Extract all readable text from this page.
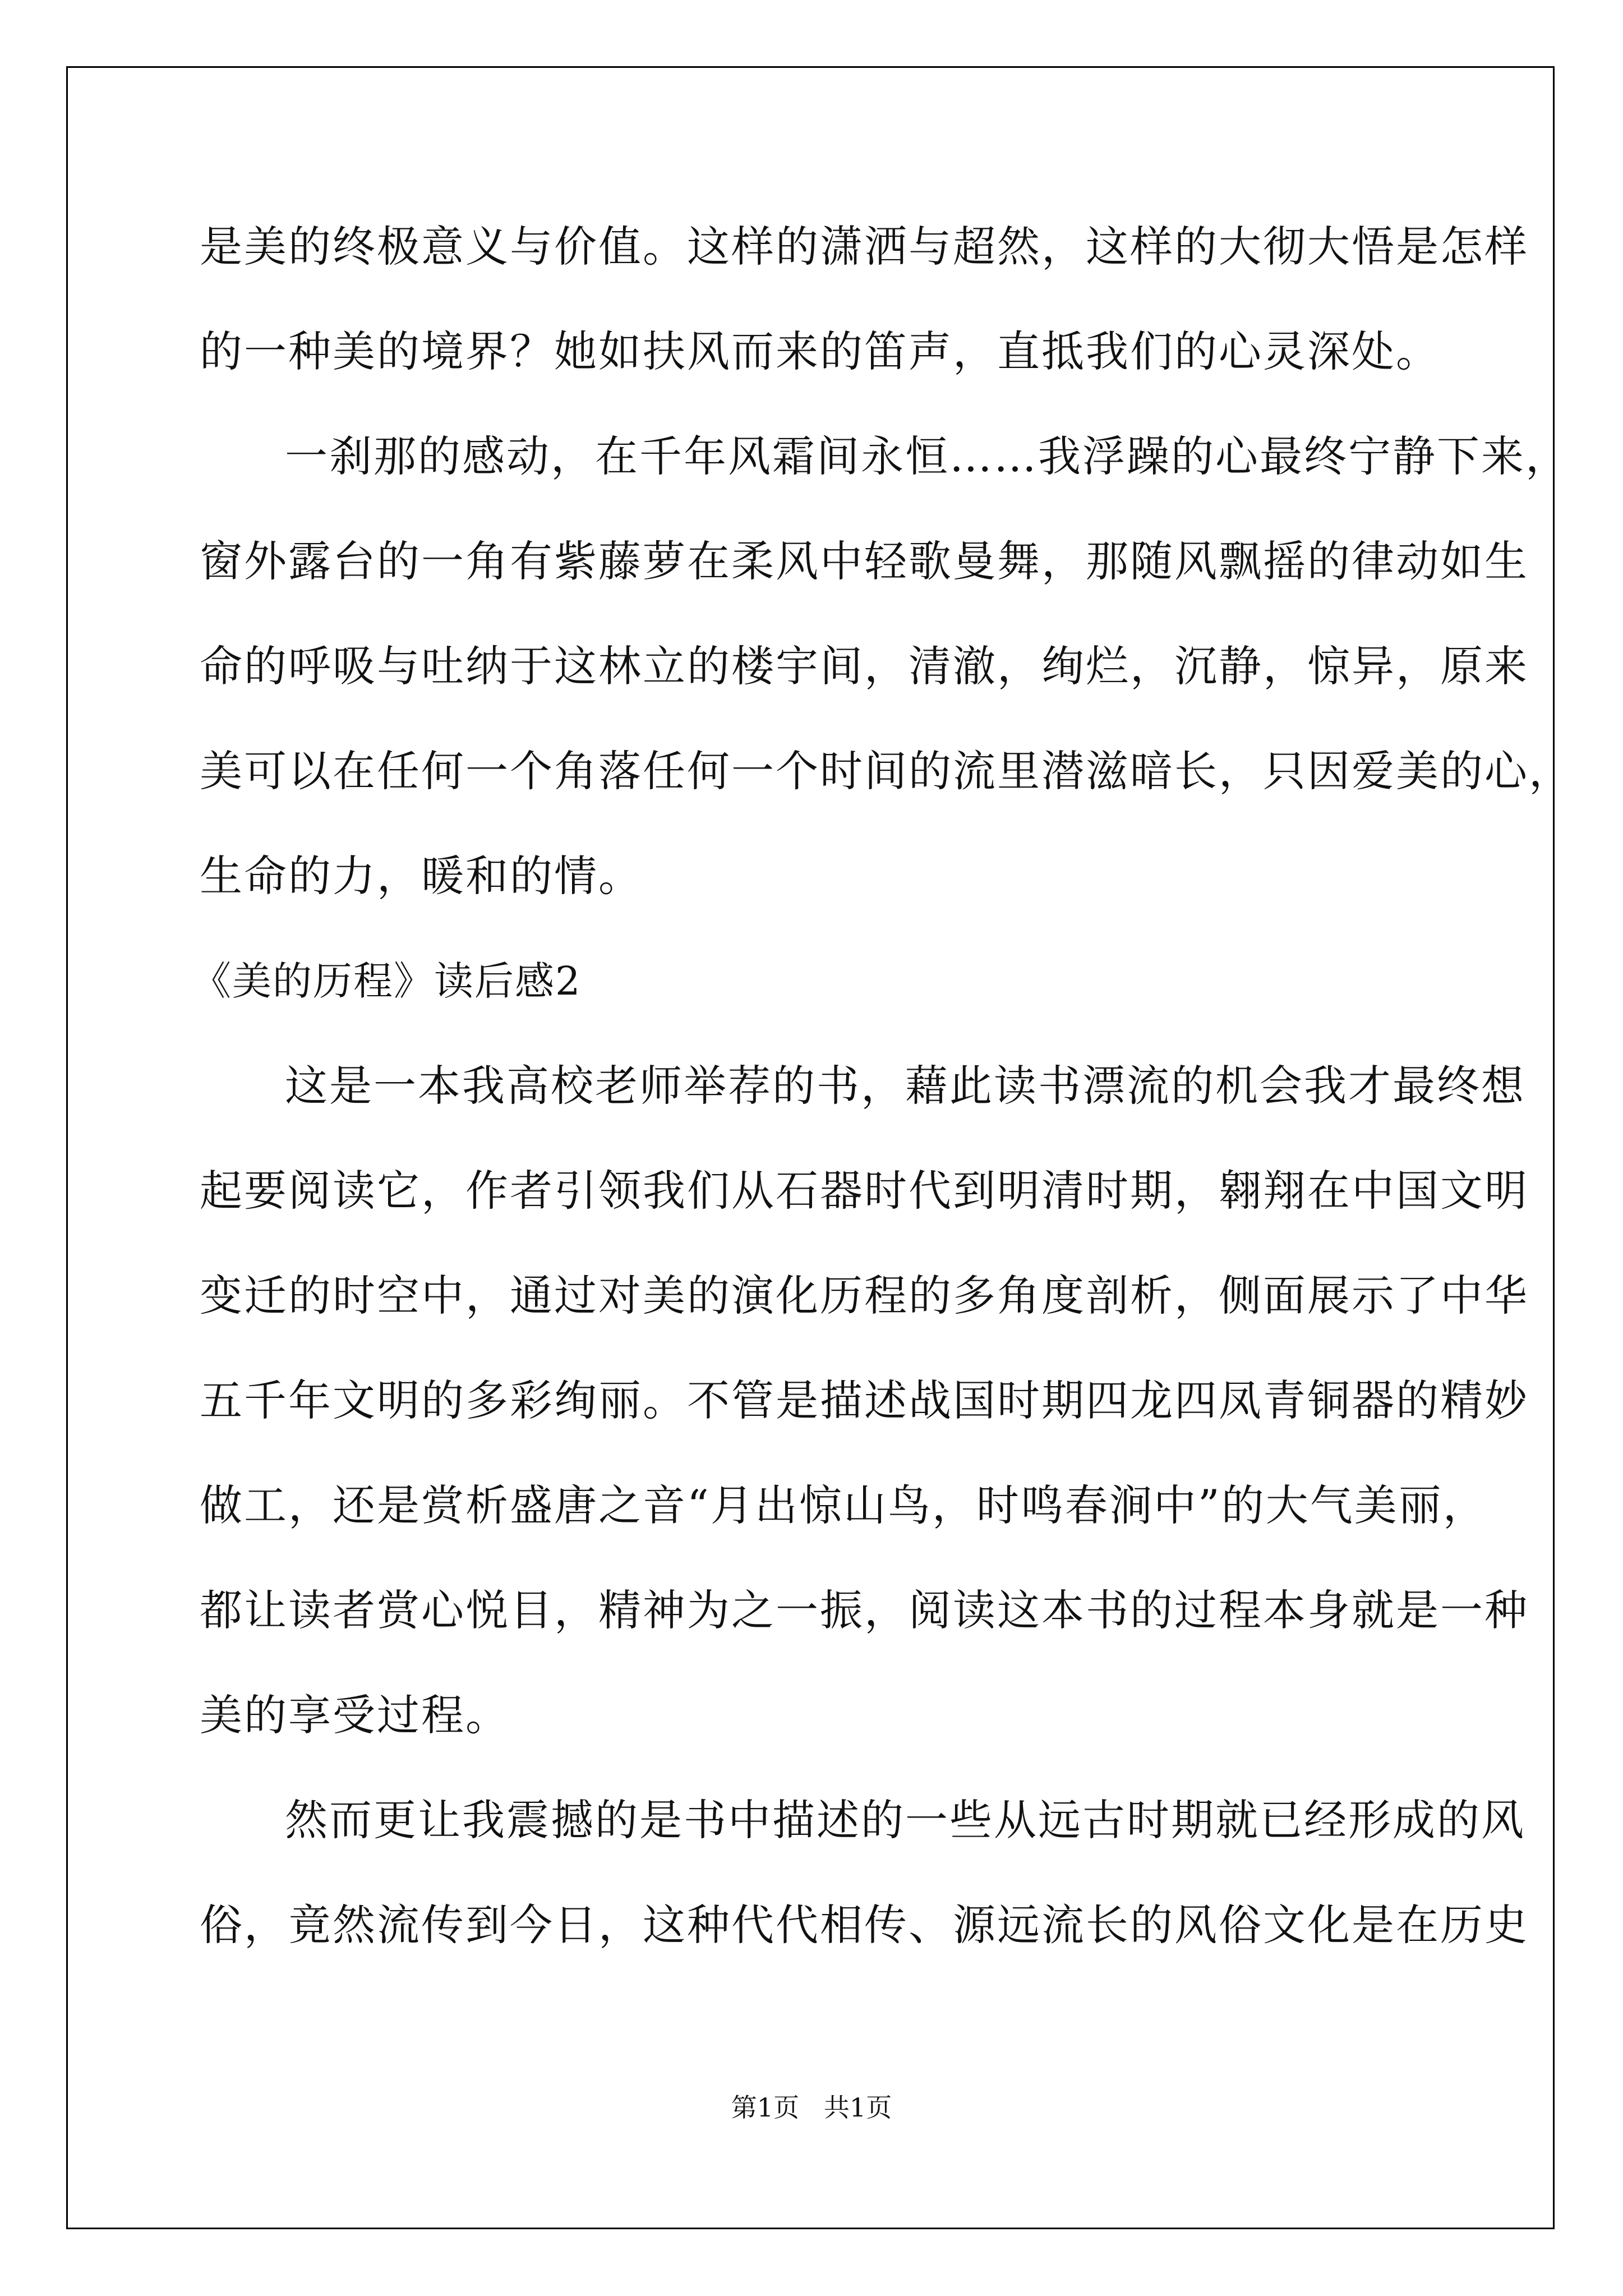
是美的终极意义与价值。这样的潇洒与超然，这样的大彻大悟是怎样
的一种美的境界？她如扶风而来的笛声，直抵我们的心灵深处。
一刹那的感动，在千年风霜间永恒……我浮躁的心最终宁静下来，
窗外露台的一角有紫藤萝在柔风中轻歌曼舞，那随风飘摇的律动如生
命的呼吸与吐纳于这林立的楼宇间，清澈，绚烂，沉静，惊异，原来
美可以在任何一个角落任何一个时间的流里潜滋暗长，只因爱美的心，
生命的力，暖和的情。
《美的历程》读后感2
这是一本我高校老师举荐的书，藉此读书漂流的机会我才最终想
起要阅读它，作者引领我们从石器时代到明清时期，翱翔在中国文明
变迁的时空中，通过对美的演化历程的多角度剖析，侧面展示了中华
五千年文明的多彩绚丽。不管是描述战国时期四龙四凤青铜器的精妙
做工，还是赏析盛唐之音“月出惊山鸟，时鸣春涧中”的大气美丽，
都让读者赏心悦目，精神为之一振，阅读这本书的过程本身就是一种
美的享受过程。
然而更让我震撼的是书中描述的一些从远古时期就已经形成的风
俗，竟然流传到今日，这种代代相传、源远流长的风俗文化是在历史
第1页   共1页
